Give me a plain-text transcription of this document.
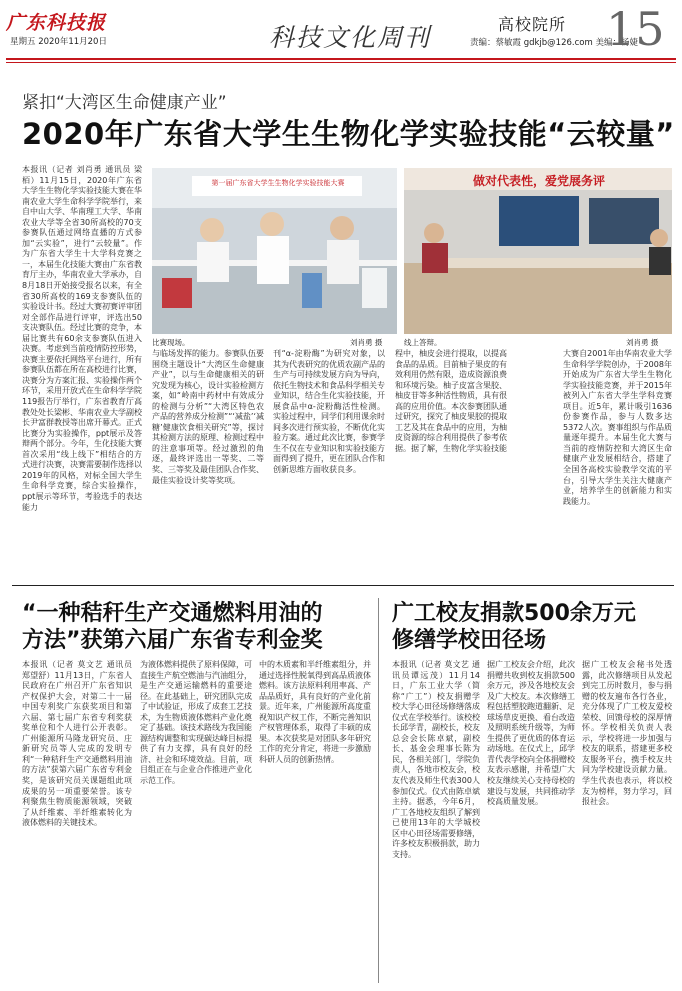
广东科技报
星期五 2020年11月20日	科技文化周刊	高校院所
责编：蔡敏霞 gdkjb@126.com 美编：杨婕
15
紧扣“大湾区生命健康产业”
2020年广东省大学生生物化学实验技能“云较量”
本报讯（记者 刘肖勇 通讯员 梁栢）11月15日，2020年广东省大学生生物化学实验技能大赛在华南农业大学生命科学学院举行，来自中山大学、华南理工大学、华南农业大学等全省30所高校的70支参赛队伍通过网络直播的方式参加“云实验”，进行“云较量”。作为广东省大学生十大学科竞赛之一，本届生化技能大赛由广东省教育厅主办，华南农业大学承办，自8月18日开始接受报名以来，有全省30所高校的169支参赛队伍的实验设计书。经过大赛初赛评审团对全部作品进行评审，评选出50支决赛队伍。经过比赛的竞争，本届比赛共有60余支参赛队伍进入决赛。考虑到当前疫情防控形势，决赛主要依托网络平台进行，所有参赛队伍都在所在高校进行比赛，决赛分为方案汇报、实验操作两个环节，采用开放式在生命科学学院119报告厅举行，广东省教育厅高教处处长梁彬、华南农业大学副校长尹富群教授等出席开幕式。正式比赛分为实验操作，ppt展示及答辩两个部分。今年，生化技能大赛首次采用“线上线下”相结合的方式进行决赛，决赛需要制作选择以2019年的风格，对标全国大学生生命科学竞赛，综合实验操作，ppt展示等环节，考验选手的表达能力
第一届广东省大学生生物化学实验技能大赛
比赛现场。	刘肖勇 摄
做对代表性，爱党展务评
线上答辩。	刘肖勇 摄
与临场发挥的能力。参赛队伍要围绕主题设计“大湾区生命健康产业”，以与生命健康相关的研究发现为核心，设计实验检测方案，如“岭南中药材中有效成分的检测与分析”“大湾区特色农产品的营养成分检测”“‘减盐’‘减糖’健康饮食相关研究”等，探讨其检测方法的原理、检测过程中的注意事项等。经过激烈的角逐，最终评选出一等奖、二等奖、三等奖及最佳团队合作奖、最佳实验设计奖等奖项。
刊“α-淀粉酶”为研究对象，以其为代表研究的优质农副产品的生产与可持续发展方向为导向，依托生物技术和食品科学相关专业知识，结合生化实验技能，开展食品中α-淀粉酶活性检测。实验过程中，同学们利用课余时间多次进行预实验，不断优化实验方案。通过此次比赛，参赛学生不仅在专业知识和实验技能方面得到了提升，更在团队合作和创新思维方面收获良多。
程中，柚皮会进行提取，以提高食品的品质。目前柚子果皮的有效利用仍然有限，造成资源浪费和环境污染。柚子皮富含果胶、柚皮苷等多种活性物质，具有很高的应用价值。本次参赛团队通过研究，探究了柚皮果胶的提取工艺及其在食品中的应用，为柚皮资源的综合利用提供了参考依据。据了解，生物化学实验技能
大赛自2001年由华南农业大学生命科学学院创办，于2008年开始成为广东省大学生生物化学实验技能竞赛，并于2015年被列入广东省大学生学科竞赛项目。近5年，累计吸引1636份参赛作品，参与人数多达5372人次。赛事组织与作品质量逐年提升。本届生化大赛与当前的疫情防控和大湾区生命健康产业发展相结合，搭建了全国各高校实验教学交流的平台，引导大学生关注大健康产业，培养学生的创新能力和实践能力。
“一种秸秆生产交通燃料用油的
方法”获第六届广东省专利金奖
本报讯（记者 莫文艺 通讯员 郑望舒）11月13日，广东省人民政府在广州召开广东省知识产权保护大会，对第二十一届中国专利奖广东获奖项目和第六届、第七届广东省专利奖获奖单位和个人进行公开表彰。广州能源所马隆龙研究员、庄新研究员等人完成的发明专利“一种秸秆生产交通燃料用油的方法”获第六届广东省专利金奖，是该研究员关课题组此项成果的另一项重要荣誉。该专利聚焦生物质能源领域，突破了从纤维素、半纤维素转化为液体燃料的关键技术。
为液体燃料提供了原料保障，可直接生产航空燃油与汽油组分，是生产交通运输燃料的重要途径。在此基础上，研究团队完成了中试验证，形成了成套工艺技术，为生物质液体燃料产业化奠定了基础。该技术路线为我国能源结构调整和实现碳达峰目标提供了有力支撑，具有良好的经济、社会和环境效益。目前，项目组正在与企业合作推进产业化示范工作。
中的木质素和半纤维素组分，并通过选择性脱氧得到高品质液体燃料。该方法原料利用率高、产品品质好，具有良好的产业化前景。近年来，广州能源所高度重视知识产权工作，不断完善知识产权管理体系，取得了丰硕的成果。本次获奖是对团队多年研究工作的充分肯定，将进一步激励科研人员的创新热情。
广工校友捐款500余万元
修缮学校田径场
本报讯（记者 莫文艺 通讯员谭远茂）11月14日，广东工业大学（简称“广工”）校友捐赠学校大学心田径场修缮落成仪式在学校举行。该校校长邱学青，副校长，校友总会会长陈卓斌，副校长、基金会理事长陈为民，各相关部门，学院负责人，各地市校友会，校友代表及师生代表300人参加仪式。仪式由陈卓斌主持。据悉，今年6月，广工各地校友组织了解到已使用13年的大学城校区中心田径场需要修缮，许多校友积极捐款，助力支持。
据广工校友会介绍，此次捐赠共收到校友捐款500余万元，涉及各地校友会及广大校友。本次修缮工程包括塑胶跑道翻新、足球场草皮更换、看台改造及照明系统升级等，为师生提供了更优质的体育运动场地。在仪式上，邱学青代表学校向全体捐赠校友表示感谢，并希望广大校友继续关心支持母校的建设与发展，共同推动学校高质量发展。
据广工校友会秘书处透露，此次修缮项目从发起到完工历时数月，参与捐赠的校友遍布各行各业，充分体现了广工校友爱校荣校、回馈母校的深厚情怀。学校相关负责人表示，学校将进一步加强与校友的联系，搭建更多校友服务平台，携手校友共同为学校建设贡献力量。学生代表也表示，将以校友为榜样，努力学习，回报社会。
